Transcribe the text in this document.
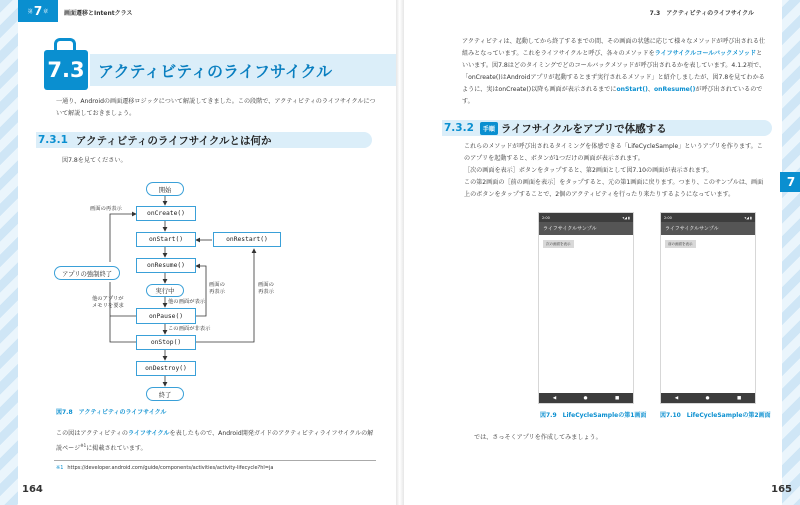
第 7 章	画面遷移とIntentクラス
7.3 アクティビティのライフサイクル

一通り、Androidの画面遷移ロジックについて解説してきました。この段階で、アクティビティのライフサイクルについて解説しておきましょう。

7.3.1 アクティビティのライフサイクルとは何か

図7.8を見てください。

開始
onCreate()
onStart()	onRestart()
onResume()
実行中
onPause()
onStop()
onDestroy()
終了
アプリの強制終了
画面の再表示
他のアプリが
メモリを要求
他の画面が表示
この画面が非表示
画面の
再表示
画面の
再表示
図7.8　アクティビティのライフサイクル

この図はアクティビティのライフサイクルを表したもので、Android開発ガイドのアクティビティライフサイクルの解説ページ$^{※1}$に掲載されています。

※1 https://developer.android.com/guide/components/activities/activity-lifecycle?hl=ja
164
7.3 アクティビティのライフサイクル

アクティビティは、起動してから終了するまでの間、その画面の状態に応じて様々なメソッドが呼び出される仕組みとなっています。これをライフサイクルと呼び、各々のメソッドをライフサイクルコールバックメソッドといいます。図7.8はどのタイミングでどのコールバックメソッドが呼び出されるかを表しています。4.1.2項で、「onCreate()はAndroidアプリが起動するとまず実行されるメソッド」と紹介しましたが、図7.8を見てわかるように、実はonCreate()以降も画面が表示されるまでにonStart()、onResume()が呼び出されているのです。

7.3.2	手順 ライフサイクルをアプリで体感する

これらのメソッドが呼び出されるタイミングを体感できる「LifeCycleSample」というアプリを作ります。このアプリを起動すると、ボタンが1つだけの画面が表示されます。

［次の画面を表示］ボタンをタップすると、第2画面として図7.10の画面が表示されます。

この第2画面の［前の画面を表示］をタップすると、元の第1画面に戻ります。つまり、このサンプルは、画面上のボタンをタップすることで、2個のアクティビティを行ったり来たりするようになっています。

7
2:00	▾◢ ▮
ライフサイクルサンプル
次の画面を表示
◀	●	■
2:00	▾◢ ▮
ライフサイクルサンプル
前の画面を表示
◀	●	■
図7.9　LifeCycleSampleの第1画面 図7.10　LifeCycleSampleの第2画面

では、さっそくアプリを作成してみましょう。

165
